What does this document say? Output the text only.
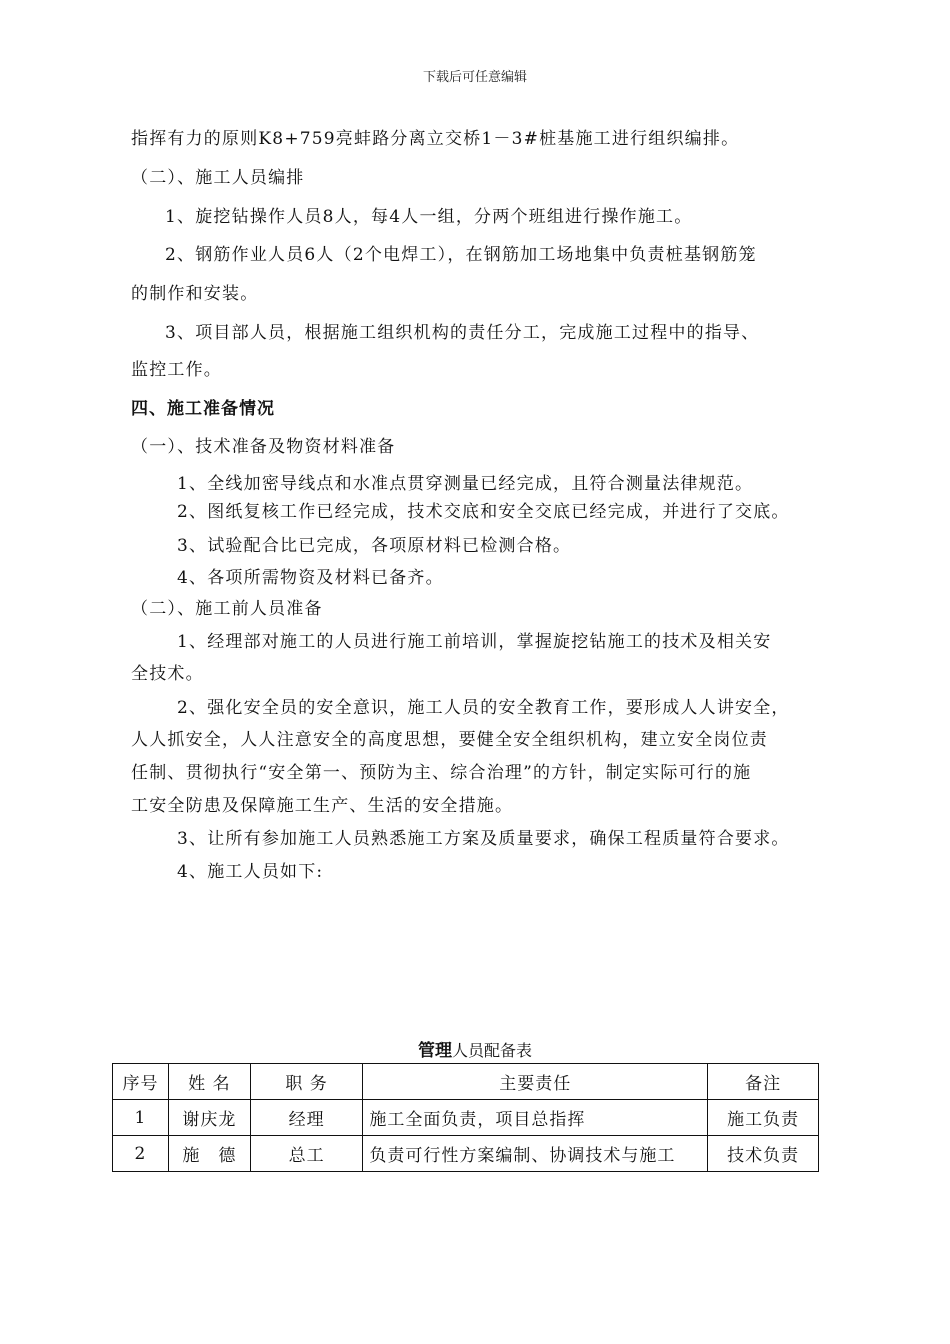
下载后可任意编辑
指挥有力的原则K8+759亮蚌路分离立交桥1－3#桩基施工进行组织编排。
（二）、施工人员编排
1、旋挖钻操作人员8人，每4人一组，分两个班组进行操作施工。
2、钢筋作业人员6人（2个电焊工），在钢筋加工场地集中负责桩基钢筋笼
的制作和安装。
3、项目部人员，根据施工组织机构的责任分工，完成施工过程中的指导、
监控工作。
四、施工准备情况
（一）、技术准备及物资材料准备
1、全线加密导线点和水准点贯穿测量已经完成，且符合测量法律规范。
2、图纸复核工作已经完成，技术交底和安全交底已经完成，并进行了交底。
3、试验配合比已完成，各项原材料已检测合格。
4、各项所需物资及材料已备齐。
（二）、施工前人员准备
1、经理部对施工的人员进行施工前培训，掌握旋挖钻施工的技术及相关安
全技术。
2、强化安全员的安全意识，施工人员的安全教育工作，要形成人人讲安全，
人人抓安全，人人注意安全的高度思想，要健全安全组织机构，建立安全岗位责
任制、贯彻执行“安全第一、预防为主、综合治理”的方针，制定实际可行的施
工安全防患及保障施工生产、生活的安全措施。
3、让所有参加施工人员熟悉施工方案及质量要求，确保工程质量符合要求。
4、施工人员如下:
管理人员配备表
序号	姓 名	职 务	主要责任	备注
1	谢庆龙	经理	施工全面负责，项目总指挥	施工负责
2	施　德	总工	负责可行性方案编制、协调技术与施工	技术负责
